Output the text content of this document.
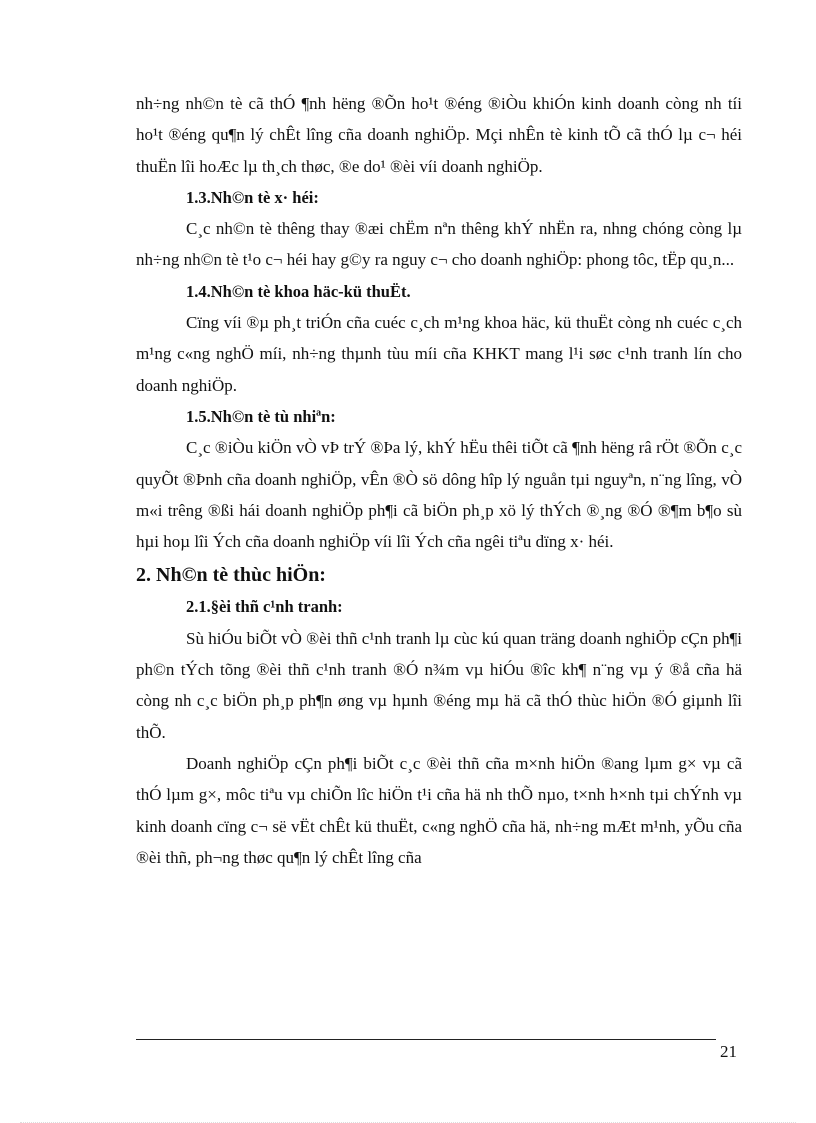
nh÷ng nh©n tè cã thÓ ¶nh hëng ®Õn ho¹t ®éng ®iÒu khiÓn kinh doanh còng nh tíi ho¹t ®éng qu¶n lý chÊt lîng cña doanh nghiÖp. Mçi nhÊn tè kinh tÕ cã thÓ lµ c¬ héi thuËn lîi hoÆc lµ th¸ch thøc, ®e do¹ ®èi víi doanh nghiÖp.

1.3.Nh©n tè x· héi:

C¸c nh©n tè thêng thay ®æi chËm nªn thêng khÝ nhËn ra, nhng chóng còng lµ nh÷ng nh©n tè t¹o c¬ héi hay g©y ra nguy c¬ cho doanh nghiÖp: phong tôc, tËp qu¸n...

1.4.Nh©n tè khoa häc-kü thuËt.

Cïng víi ®µ ph¸t triÓn cña cuéc c¸ch m¹ng khoa häc, kü thuËt còng nh cuéc c¸ch m¹ng c«ng nghÖ míi, nh÷ng thµnh tùu míi cña KHKT mang l¹i søc c¹nh tranh lín cho doanh nghiÖp.

1.5.Nh©n tè tù nhiªn:

C¸c ®iÒu kiÖn vÒ vÞ trÝ ®Þa lý, khÝ hËu thêi tiÕt cã ¶nh hëng râ rÖt ®Õn c¸c quyÕt ®Þnh cña doanh nghiÖp, vÊn ®Ò sö dông hîp lý nguån tµi nguyªn, n¨ng lîng, vÒ m«i trêng ®ßi hái doanh nghiÖp ph¶i cã biÖn ph¸p xö lý thÝch ®¸ng ®Ó ®¶m b¶o sù hµi hoµ lîi Ých cña doanh nghiÖp víi lîi Ých cña ngêi tiªu dïng x· héi.

2. Nh©n tè thùc hiÖn:
2.1.§èi thñ c¹nh tranh:

Sù hiÓu biÕt vÒ ®èi thñ c¹nh tranh lµ cùc kú quan träng doanh nghiÖp cÇn ph¶i ph©n tÝch tõng ®èi thñ c¹nh tranh ®Ó n¾m vµ hiÓu ®îc kh¶ n¨ng vµ ý ®å cña hä còng nh c¸c biÖn ph¸p ph¶n øng vµ hµnh ®éng mµ hä cã thÓ thùc hiÖn ®Ó giµnh lîi thÕ.

Doanh nghiÖp cÇn ph¶i biÕt c¸c ®èi thñ cña m×nh hiÖn ®ang lµm g× vµ cã thÓ lµm g×, môc tiªu vµ chiÕn lîc hiÖn t¹i cña hä nh thÕ nµo, t×nh h×nh tµi chÝnh vµ kinh doanh cïng c¬ së vËt chÊt kü thuËt, c«ng nghÖ cña hä, nh÷ng mÆt m¹nh, yÕu cña ®èi thñ, ph¬ng thøc qu¶n lý chÊt lîng cña

21
